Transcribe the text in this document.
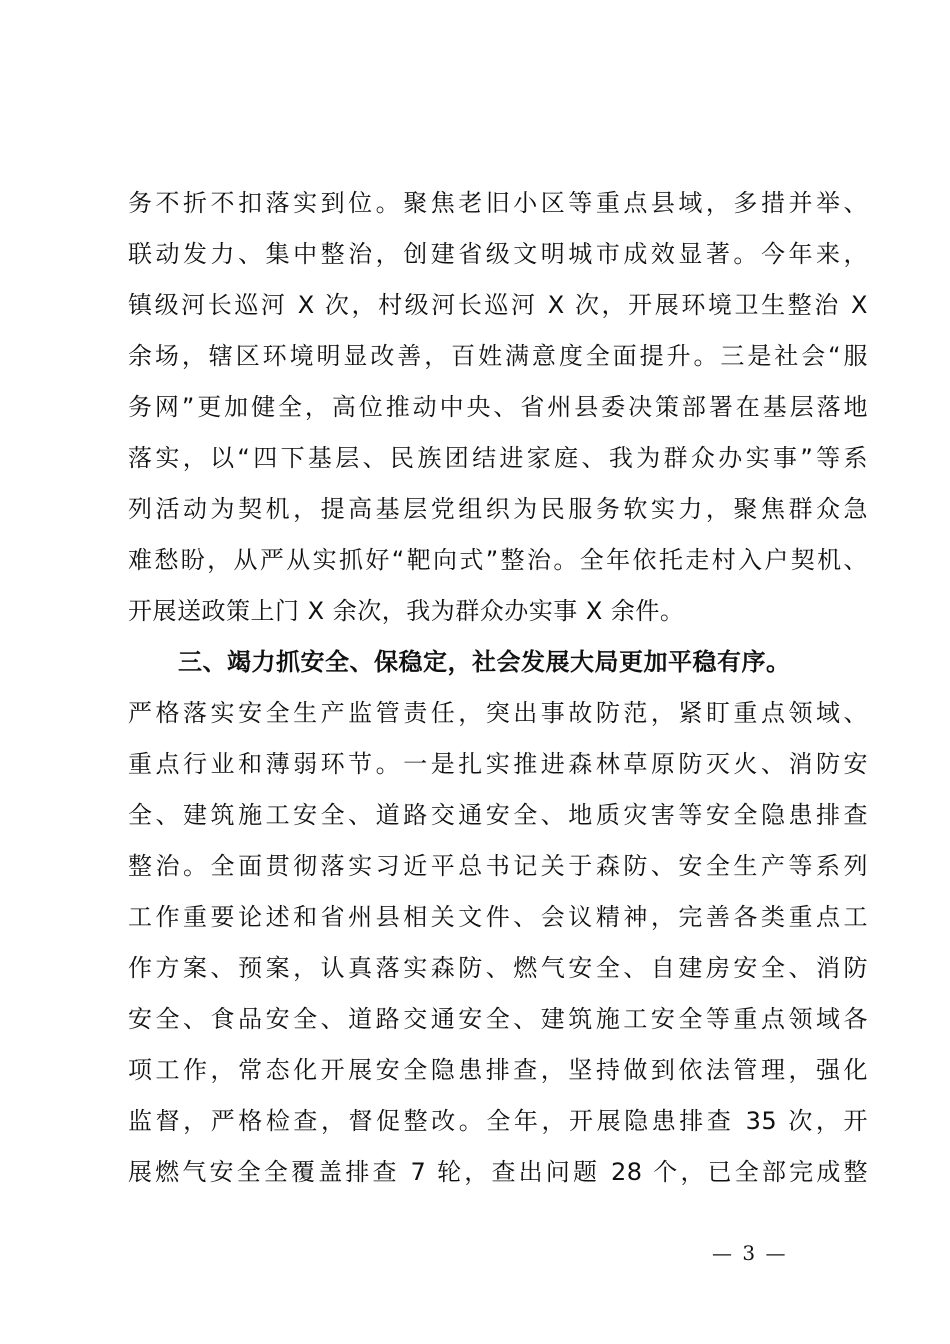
务不折不扣落实到位。聚焦老旧小区等重点县域，多措并举、
联动发力、集中整治，创建省级文明城市成效显著。今年来，
镇级河长巡河 X 次，村级河长巡河 X 次，开展环境卫生整治 X
余场，辖区环境明显改善，百姓满意度全面提升。三是社会“服
务网”更加健全，高位推动中央、省州县委决策部署在基层落地
落实，以“四下基层、民族团结进家庭、我为群众办实事”等系
列活动为契机，提高基层党组织为民服务软实力，聚焦群众急
难愁盼，从严从实抓好“靶向式”整治。全年依托走村入户契机、
开展送政策上门 X 余次，我为群众办实事 X 余件。
三、竭力抓安全、保稳定，社会发展大局更加平稳有序。
严格落实安全生产监管责任，突出事故防范，紧盯重点领域、
重点行业和薄弱环节。一是扎实推进森林草原防灭火、消防安
全、建筑施工安全、道路交通安全、地质灾害等安全隐患排查
整治。全面贯彻落实习近平总书记关于森防、安全生产等系列
工作重要论述和省州县相关文件、会议精神，完善各类重点工
作方案、预案，认真落实森防、燃气安全、自建房安全、消防
安全、食品安全、道路交通安全、建筑施工安全等重点领域各
项工作，常态化开展安全隐患排查，坚持做到依法管理，强化
监督，严格检查，督促整改。全年，开展隐患排查 35 次，开
展燃气安全全覆盖排查 7 轮，查出问题 28 个，已全部完成整
— 3 —
